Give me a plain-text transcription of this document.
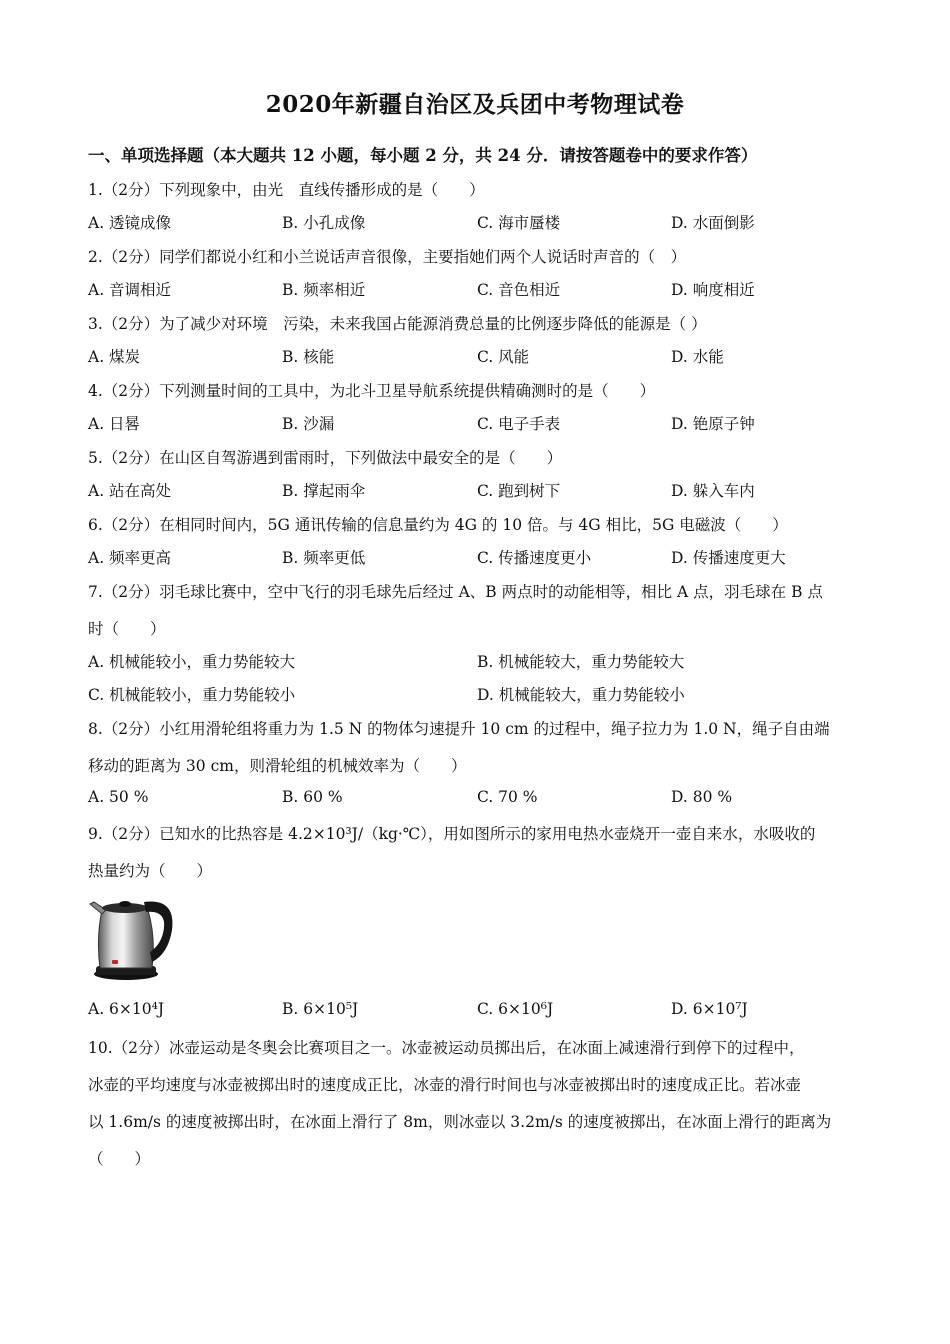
2020年新疆自治区及兵团中考物理试卷
一、单项选择题（本大题共 12 小题，每小题 2 分，共 24 分．请按答题卷中的要求作答）
1.（2分）下列现象中，由光　直线传播形成的是（　　）
A. 透镜成像	B. 小孔成像	C. 海市蜃楼	D. 水面倒影
2.（2分）同学们都说小红和小兰说话声音很像，主要指她们两个人说话时声音的（　）
A. 音调相近	B. 频率相近	C. 音色相近	D. 响度相近
3.（2分）为了减少对环境　污染，未来我国占能源消费总量的比例逐步降低的能源是（ ）
A. 煤炭	B. 核能	C. 风能	D. 水能
4.（2分）下列测量时间的工具中，为北斗卫星导航系统提供精确测时的是（　　）
A. 日晷	B. 沙漏	C. 电子手表	D. 铯原子钟
5.（2分）在山区自驾游遇到雷雨时，下列做法中最安全的是（　　）
A. 站在高处	B. 撑起雨伞	C. 跑到树下	D. 躲入车内
6.（2分）在相同时间内，5G 通讯传输的信息量约为 4G 的 10 倍。与 4G 相比，5G 电磁波（　　）
A. 频率更高	B. 频率更低	C. 传播速度更小	D. 传播速度更大
7.（2分）羽毛球比赛中，空中飞行的羽毛球先后经过 A、B 两点时的动能相等，相比 A 点，羽毛球在 B 点
时（　　）
A. 机械能较小，重力势能较大	B. 机械能较大，重力势能较大
C. 机械能较小，重力势能较小	D. 机械能较大，重力势能较小
8.（2分）小红用滑轮组将重力为 1.5 N 的物体匀速提升 10 cm 的过程中，绳子拉力为 1.0 N，绳子自由端
移动的距离为 30 cm，则滑轮组的机械效率为（　　）
A. 50 %	B. 60 %	C. 70 %	D. 80 %
9.（2分）已知水的比热容是 4.2×10³J/（kg·℃），用如图所示的家用电热水壶烧开一壶自来水，水吸收的
热量约为（　　）
A. 6×10⁴J	B. 6×10⁵J	C. 6×10⁶J	D. 6×10⁷J
10.（2分）冰壶运动是冬奥会比赛项目之一。冰壶被运动员掷出后，在冰面上减速滑行到停下的过程中，
冰壶的平均速度与冰壶被掷出时的速度成正比，冰壶的滑行时间也与冰壶被掷出时的速度成正比。若冰壶
以 1.6m/s 的速度被掷出时，在冰面上滑行了 8m，则冰壶以 3.2m/s 的速度被掷出，在冰面上滑行的距离为
（　　）
